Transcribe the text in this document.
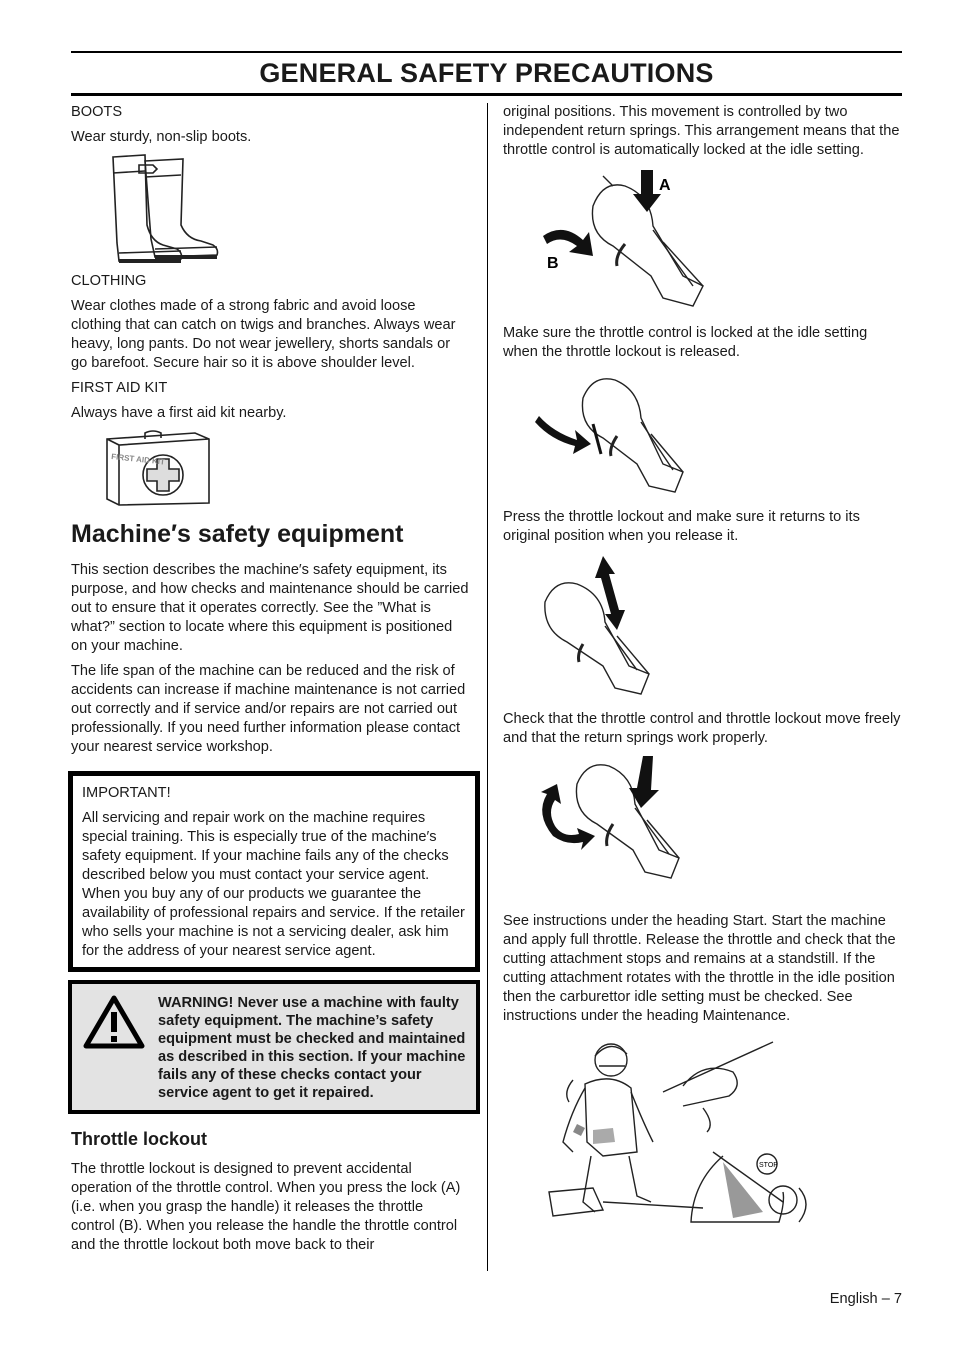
GENERAL SAFETY PRECAUTIONS
BOOTS

Wear sturdy, non-slip boots.

CLOTHING

Wear clothes made of a strong fabric and avoid loose clothing that can catch on twigs and branches. Always wear heavy, long pants. Do not wear jewellery, shorts sandals or go barefoot. Secure hair so it is above shoulder level.

FIRST AID KIT

Always have a first aid kit nearby.

FIRST AID KIT
Machine′s safety equipment

This section describes the machine′s safety equipment, its purpose, and how checks and maintenance should be carried out to ensure that it operates correctly. See the ”What is what?” section to locate where this equipment is positioned on your machine.

The life span of the machine can be reduced and the risk of accidents can increase if machine maintenance is not carried out correctly and if service and/or repairs are not carried out professionally. If you need further information please contact your nearest service workshop.

IMPORTANT!
All servicing and repair work on the machine requires special training. This is especially true of the machine′s safety equipment. If your machine fails any of the checks described below you must contact your service agent. When you buy any of our products we guarantee the availability of professional repairs and service. If the retailer who sells your machine is not a servicing dealer, ask him for the address of your nearest service agent.
WARNING! Never use a machine with faulty safety equipment. The machine’s safety equipment must be checked and maintained as described in this section. If your machine fails any of these checks contact your service agent to get it repaired.
Throttle lockout

The throttle lockout is designed to prevent accidental operation of the throttle control. When you press the lock (A) (i.e. when you grasp the handle) it releases the throttle control (B). When you release the handle the throttle control and the throttle lockout both move back to their

original positions. This movement is controlled by two independent return springs. This arrangement means that the throttle control is automatically locked at the idle setting.

A
B

Make sure the throttle control is locked at the idle setting when the throttle lockout is released.

Press the throttle lockout and make sure it returns to its original position when you release it.

Check that the throttle control and throttle lockout move freely and that the return springs work properly.

See instructions under the heading Start. Start the machine and apply full throttle. Release the throttle and check that the cutting attachment stops and remains at a standstill. If the cutting attachment rotates with the throttle in the idle position then the carburettor idle setting must be checked. See instructions under the heading Maintenance.

STOP
English – 7
